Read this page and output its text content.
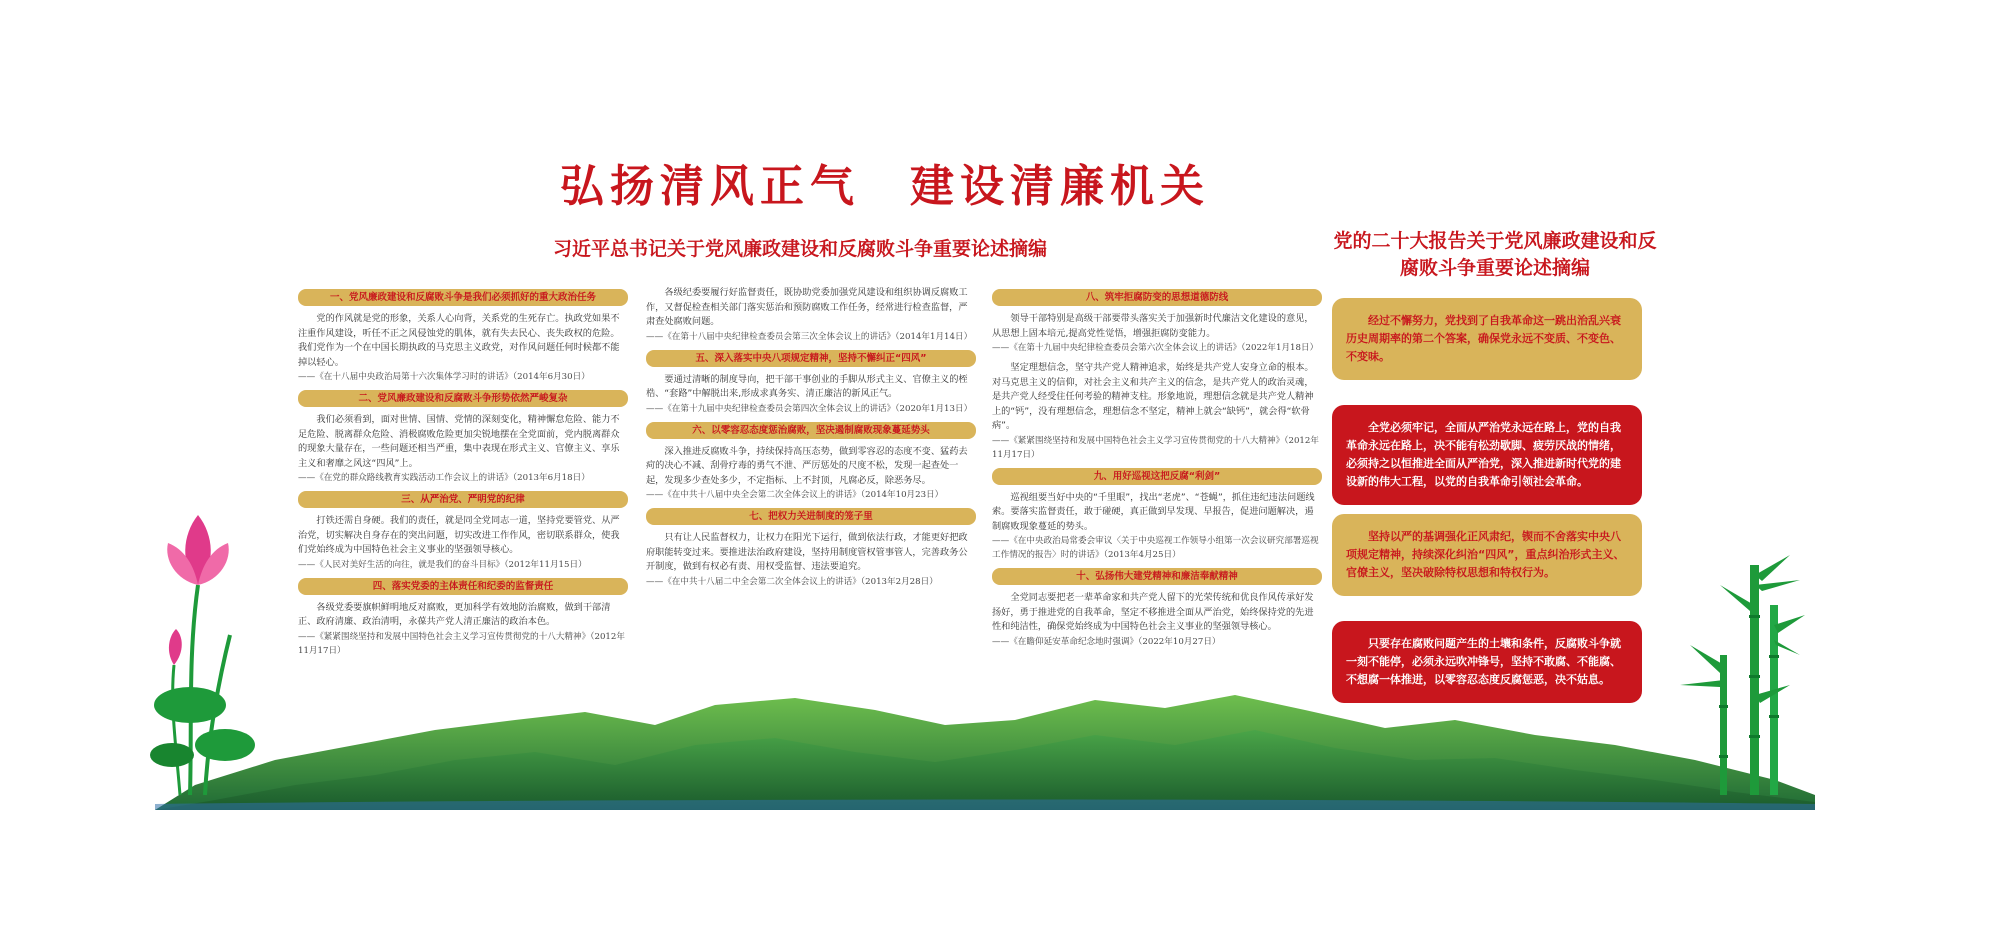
弘扬清风正气　建设清廉机关
习近平总书记关于党风廉政建设和反腐败斗争重要论述摘编	党的二十大报告关于党风廉政建设和反腐败斗争重要论述摘编
一、党风廉政建设和反腐败斗争是我们必须抓好的重大政治任务

党的作风就是党的形象，关系人心向背，关系党的生死存亡。执政党如果不注重作风建设，听任不正之风侵蚀党的肌体，就有失去民心、丧失政权的危险。我们党作为一个在中国长期执政的马克思主义政党，对作风问题任何时候都不能掉以轻心。

——《在十八届中央政治局第十六次集体学习时的讲话》（2014年6月30日）

二、党风廉政建设和反腐败斗争形势依然严峻复杂

我们必须看到，面对世情、国情、党情的深刻变化，精神懈怠危险、能力不足危险、脱离群众危险、消极腐败危险更加尖锐地摆在全党面前，党内脱离群众的现象大量存在，一些问题还相当严重，集中表现在形式主义、官僚主义、享乐主义和奢靡之风这“四风”上。

——《在党的群众路线教育实践活动工作会议上的讲话》（2013年6月18日）

三、从严治党、严明党的纪律

打铁还需自身硬。我们的责任，就是同全党同志一道，坚持党要管党、从严治党，切实解决自身存在的突出问题，切实改进工作作风，密切联系群众，使我们党始终成为中国特色社会主义事业的坚强领导核心。

——《人民对美好生活的向往，就是我们的奋斗目标》（2012年11月15日）

四、落实党委的主体责任和纪委的监督责任

各级党委要旗帜鲜明地反对腐败，更加科学有效地防治腐败，做到干部清正、政府清廉、政治清明，永葆共产党人清正廉洁的政治本色。

——《紧紧围绕坚持和发展中国特色社会主义学习宣传贯彻党的十八大精神》（2012年11月17日）

各级纪委要履行好监督责任，既协助党委加强党风建设和组织协调反腐败工作，又督促检查相关部门落实惩治和预防腐败工作任务，经常进行检查监督，严肃查处腐败问题。

——《在第十八届中央纪律检查委员会第三次全体会议上的讲话》（2014年1月14日）

五、深入落实中央八项规定精神，坚持不懈纠正“四风”

要通过清晰的制度导向，把干部干事创业的手脚从形式主义、官僚主义的桎梏、“套路”中解脱出来,形成求真务实、清正廉洁的新风正气。

——《在第十九届中央纪律检查委员会第四次全体会议上的讲话》（2020年1月13日）

六、以零容忍态度惩治腐败，坚决遏制腐败现象蔓延势头

深入推进反腐败斗争，持续保持高压态势，做到零容忍的态度不变、猛药去疴的决心不减、刮骨疗毒的勇气不泄、严厉惩处的尺度不松，发现一起查处一起，发现多少查处多少，不定指标、上不封顶，凡腐必反，除恶务尽。

——《在中共十八届中央全会第二次全体会议上的讲话》（2014年10月23日）

七、把权力关进制度的笼子里

只有让人民监督权力，让权力在阳光下运行，做到依法行政，才能更好把政府职能转变过来。要推进法治政府建设，坚持用制度管权管事管人，完善政务公开制度，做到有权必有责、用权受监督、违法要追究。

——《在中共十八届二中全会第二次全体会议上的讲话》（2013年2月28日）

八、筑牢拒腐防变的思想道德防线

领导干部特别是高级干部要带头落实关于加强新时代廉洁文化建设的意见，从思想上固本培元,提高党性觉悟，增强拒腐防变能力。

——《在第十九届中央纪律检查委员会第六次全体会议上的讲话》（2022年1月18日）

坚定理想信念，坚守共产党人精神追求，始终是共产党人安身立命的根本。对马克思主义的信仰，对社会主义和共产主义的信念，是共产党人的政治灵魂，是共产党人经受住任何考验的精神支柱。形象地说，理想信念就是共产党人精神上的“钙”，没有理想信念，理想信念不坚定，精神上就会“缺钙”，就会得“软骨病”。

——《紧紧围绕坚持和发展中国特色社会主义学习宣传贯彻党的十八大精神》（2012年11月17日）

九、用好巡视这把反腐“利剑”

巡视组要当好中央的“千里眼”，找出“老虎”、“苍蝇”，抓住违纪违法问题线索。要落实监督责任，敢于碰硬，真正做到早发现、早报告，促进问题解决，遏制腐败现象蔓延的势头。

——《在中央政治局常委会审议〈关于中央巡视工作领导小组第一次会议研究部署巡视工作情况的报告〉时的讲话》（2013年4月25日）

十、弘扬伟大建党精神和廉洁奉献精神

全党同志要把老一辈革命家和共产党人留下的光荣传统和优良作风传承好发扬好，勇于推进党的自我革命，坚定不移推进全面从严治党，始终保持党的先进性和纯洁性，确保党始终成为中国特色社会主义事业的坚强领导核心。

——《在瞻仰延安革命纪念地时强调》（2022年10月27日）

经过不懈努力，党找到了自我革命这一跳出治乱兴衰历史周期率的第二个答案，确保党永远不变质、不变色、不变味。
全党必须牢记，全面从严治党永远在路上，党的自我革命永远在路上，决不能有松劲歇脚、疲劳厌战的情绪，必须持之以恒推进全面从严治党，深入推进新时代党的建设新的伟大工程，以党的自我革命引领社会革命。
坚持以严的基调强化正风肃纪，锲而不舍落实中央八项规定精神，持续深化纠治“四风”，重点纠治形式主义、官僚主义，坚决破除特权思想和特权行为。
只要存在腐败问题产生的土壤和条件，反腐败斗争就一刻不能停，必须永远吹冲锋号，坚持不敢腐、不能腐、不想腐一体推进，以零容忍态度反腐惩恶，决不姑息。
